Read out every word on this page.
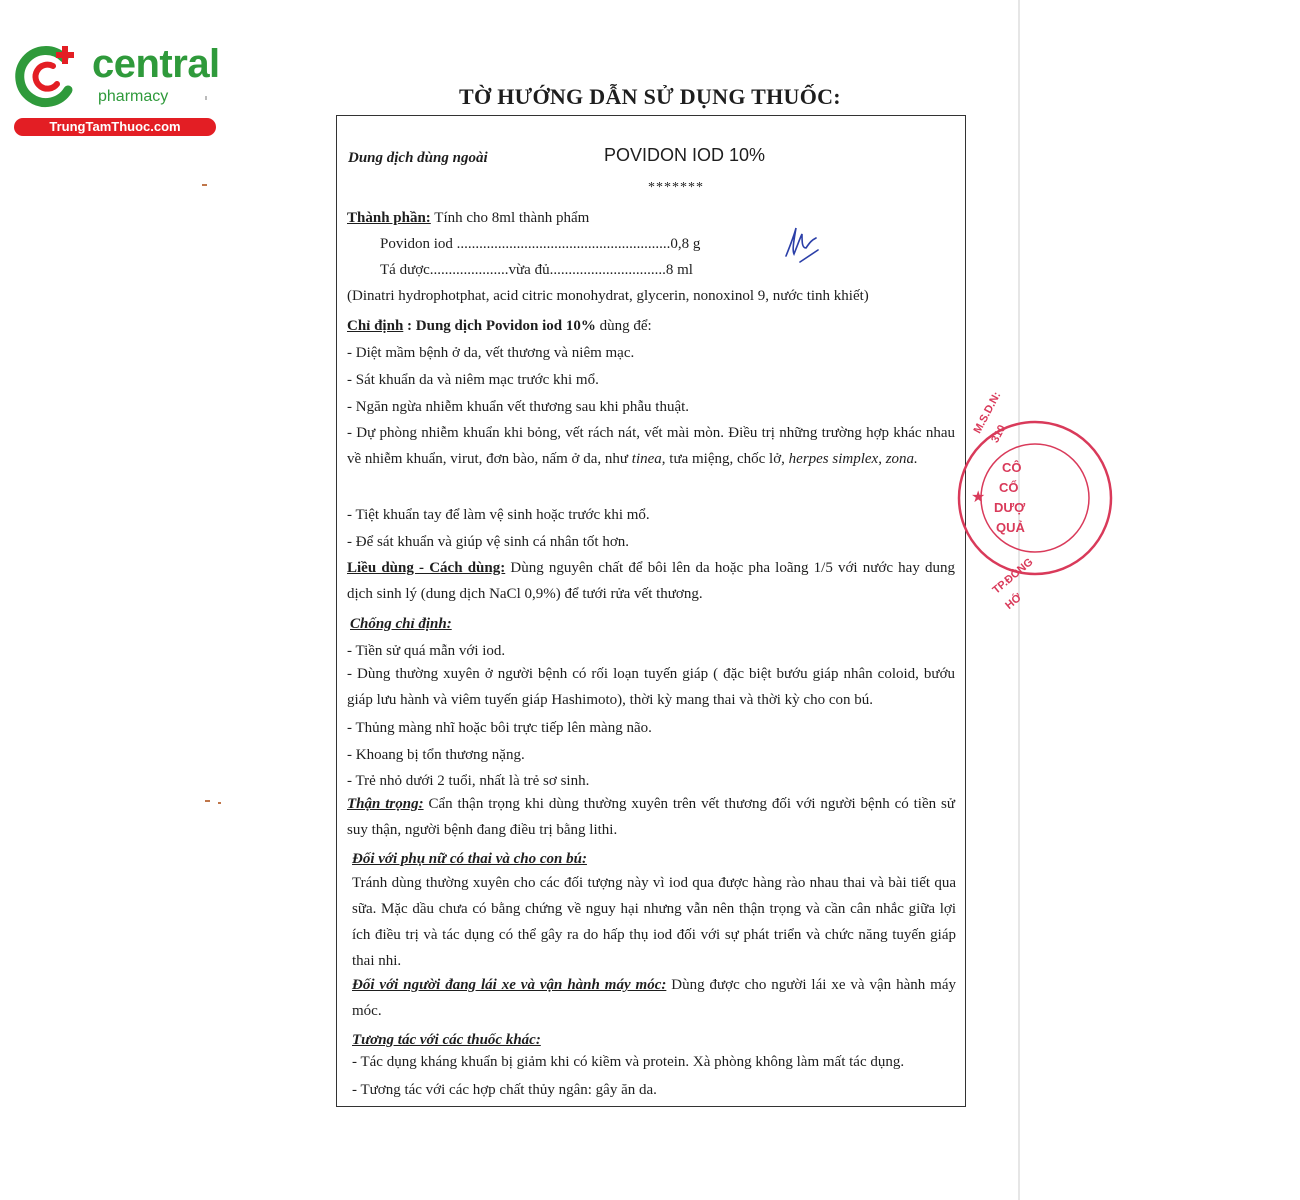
central
pharmacy
TrungTamThuoc.com
TỜ HƯỚNG DẪN SỬ DỤNG THUỐC:
Dung dịch dùng ngoài	POVIDON IOD 10%
*******
Thành phần: Tính cho 8ml thành phẩm
Povidon iod .........................................................0,8 g
Tá dược.....................vừa đủ...............................8 ml
(Dinatri hydrophotphat, acid citric monohydrat, glycerin, nonoxinol 9, nước tinh khiết)
Chỉ định : Dung dịch Povidon iod 10% dùng để:
- Diệt mầm bệnh ở da, vết thương và niêm mạc.
- Sát khuẩn da và niêm mạc trước khi mổ.
- Ngăn ngừa nhiễm khuẩn vết thương sau khi phẫu thuật.
- Dự phòng nhiễm khuẩn khi bỏng, vết rách nát, vết mài mòn. Điều trị những trường hợp khác nhau về nhiễm khuẩn, virut, đơn bào, nấm ở da, như tinea, tưa miệng, chốc lở, herpes simplex, zona.
- Tiệt khuẩn tay để làm vệ sinh hoặc trước khi mổ.
- Để sát khuẩn và giúp vệ sinh cá nhân tốt hơn.
Liều dùng - Cách dùng: Dùng nguyên chất để bôi lên da hoặc pha loãng 1/5 với nước hay dung dịch sinh lý (dung dịch NaCl 0,9%) để tưới rửa vết thương.
Chống chỉ định:
- Tiền sử quá mẫn với iod.
- Dùng thường xuyên ở người bệnh có rối loạn tuyến giáp ( đặc biệt bướu giáp nhân coloid, bướu giáp lưu hành và viêm tuyến giáp Hashimoto), thời kỳ mang thai và thời kỳ cho con bú.
- Thủng màng nhĩ hoặc bôi trực tiếp lên màng não.
- Khoang bị tổn thương nặng.
- Trẻ nhỏ dưới 2 tuổi, nhất là trẻ sơ sinh.
Thận trọng: Cẩn thận trọng khi dùng thường xuyên trên vết thương đối với người bệnh có tiền sử suy thận, người bệnh đang điều trị bằng lithi.
Đối với phụ nữ có thai và cho con bú:
Tránh dùng thường xuyên cho các đối tượng này vì iod qua được hàng rào nhau thai và bài tiết qua sữa. Mặc dầu chưa có bằng chứng về nguy hại nhưng vẫn nên thận trọng và cần cân nhắc giữa lợi ích điều trị và tác dụng có thể gây ra do hấp thụ iod đối với sự phát triển và chức năng tuyến giáp thai nhi.
Đối với người đang lái xe và vận hành máy móc: Dùng được cho người lái xe và vận hành máy móc.
Tương tác với các thuốc khác:
- Tác dụng kháng khuẩn bị giảm khi có kiềm và protein. Xà phòng không làm mất tác dụng.
- Tương tác với các hợp chất thủy ngân: gây ăn da.
★
M.S.D.N: 310
TP.ĐỒNG HỚ
CÔ
CỔ
DƯỢ
QUẢ
